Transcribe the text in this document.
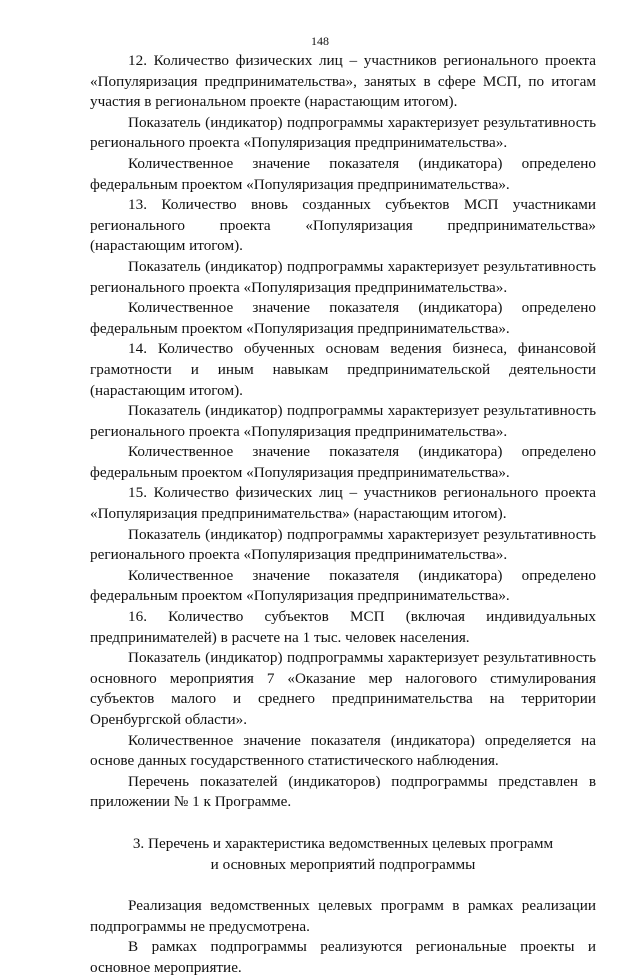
148

12. Количество физических лиц – участников регионального проекта «Популяризация предпринимательства», занятых в сфере МСП, по итогам участия в региональном проекте (нарастающим итогом).

Показатель (индикатор) подпрограммы характеризует результативность регионального проекта «Популяризация предпринимательства».

Количественное значение показателя (индикатора) определено федеральным проектом «Популяризация предпринимательства».

13. Количество вновь созданных субъектов МСП участниками регионального проекта «Популяризация предпринимательства» (нарастающим итогом).

Показатель (индикатор) подпрограммы характеризует результативность регионального проекта «Популяризация предпринимательства».

Количественное значение показателя (индикатора) определено федеральным проектом «Популяризация предпринимательства».

14. Количество обученных основам ведения бизнеса, финансовой грамотности и иным навыкам предпринимательской деятельности (нарастающим итогом).

Показатель (индикатор) подпрограммы характеризует результативность регионального проекта «Популяризация предпринимательства».

Количественное значение показателя (индикатора) определено федеральным проектом «Популяризация предпринимательства».

15. Количество физических лиц – участников регионального проекта «Популяризация предпринимательства» (нарастающим итогом).

Показатель (индикатор) подпрограммы характеризует результативность регионального проекта «Популяризация предпринимательства».

Количественное значение показателя (индикатора) определено федеральным проектом «Популяризация предпринимательства».

16. Количество субъектов МСП (включая индивидуальных предпринимателей) в расчете на 1 тыс. человек населения.

Показатель (индикатор) подпрограммы характеризует результативность основного мероприятия 7 «Оказание мер налогового стимулирования субъектов малого и среднего предпринимательства на территории Оренбургской области».

Количественное значение показателя (индикатора) определяется на основе данных государственного статистического наблюдения.

Перечень показателей (индикаторов) подпрограммы представлен в приложении № 1 к Программе.

3. Перечень и характеристика ведомственных целевых программ
и основных мероприятий подпрограммы

Реализация ведомственных целевых программ в рамках реализации подпрограммы не предусмотрена.

В рамках подпрограммы реализуются региональные проекты и основное мероприятие.
